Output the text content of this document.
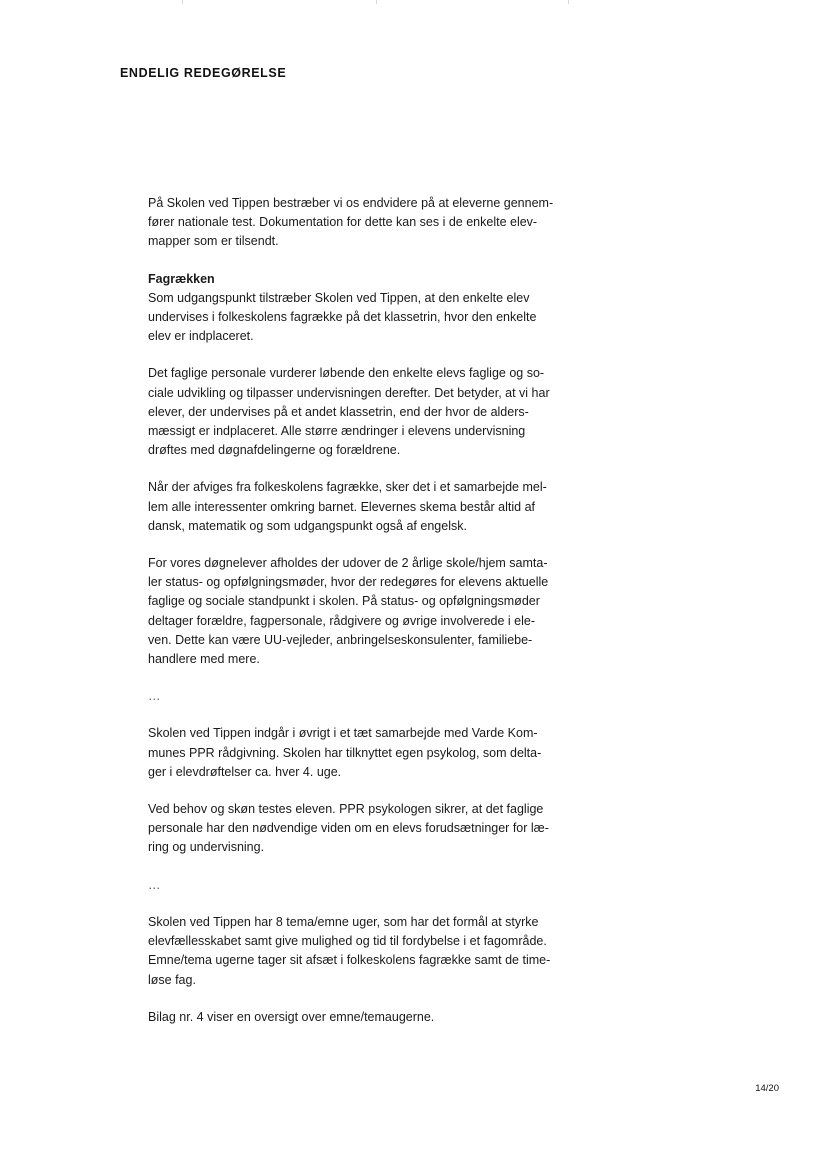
ENDELIG REDEGØRELSE
På Skolen ved Tippen bestræber vi os endvidere på at eleverne gennem-
fører nationale test. Dokumentation for dette kan ses i de enkelte elev-
mapper som er tilsendt.
Fagrækken
Som udgangspunkt tilstræber Skolen ved Tippen, at den enkelte elev
undervises i folkeskolens fagrække på det klassetrin, hvor den enkelte
elev er indplaceret.
Det faglige personale vurderer løbende den enkelte elevs faglige og so-
ciale udvikling og tilpasser undervisningen derefter. Det betyder, at vi har
elever, der undervises på et andet klassetrin, end der hvor de alders-
mæssigt er indplaceret. Alle større ændringer i elevens undervisning
drøftes med døgnafdelingerne og forældrene.
Når der afviges fra folkeskolens fagrække, sker det i et samarbejde mel-
lem alle interessenter omkring barnet. Elevernes skema består altid af
dansk, matematik og som udgangspunkt også af engelsk.
For vores døgnelever afholdes der udover de 2 årlige skole/hjem samta-
ler status- og opfølgningsmøder, hvor der redegøres for elevens aktuelle
faglige og sociale standpunkt i skolen. På status- og opfølgningsmøder
deltager forældre, fagpersonale, rådgivere og øvrige involverede i ele-
ven. Dette kan være UU-vejleder, anbringelseskonsulenter, familiebe-
handlere med mere.
…
Skolen ved Tippen indgår i øvrigt i et tæt samarbejde med Varde Kom-
munes PPR rådgivning. Skolen har tilknyttet egen psykolog, som delta-
ger i elevdrøftelser ca. hver 4. uge.
Ved behov og skøn testes eleven. PPR psykologen sikrer, at det faglige
personale har den nødvendige viden om en elevs forudsætninger for læ-
ring og undervisning.
…
Skolen ved Tippen har 8 tema/emne uger, som har det formål at styrke
elevfællesskabet samt give mulighed og tid til fordybelse i et fagområde.
Emne/tema ugerne tager sit afsæt i folkeskolens fagrække samt de time-
løse fag.
Bilag nr. 4 viser en oversigt over emne/temaugerne.
14/20
